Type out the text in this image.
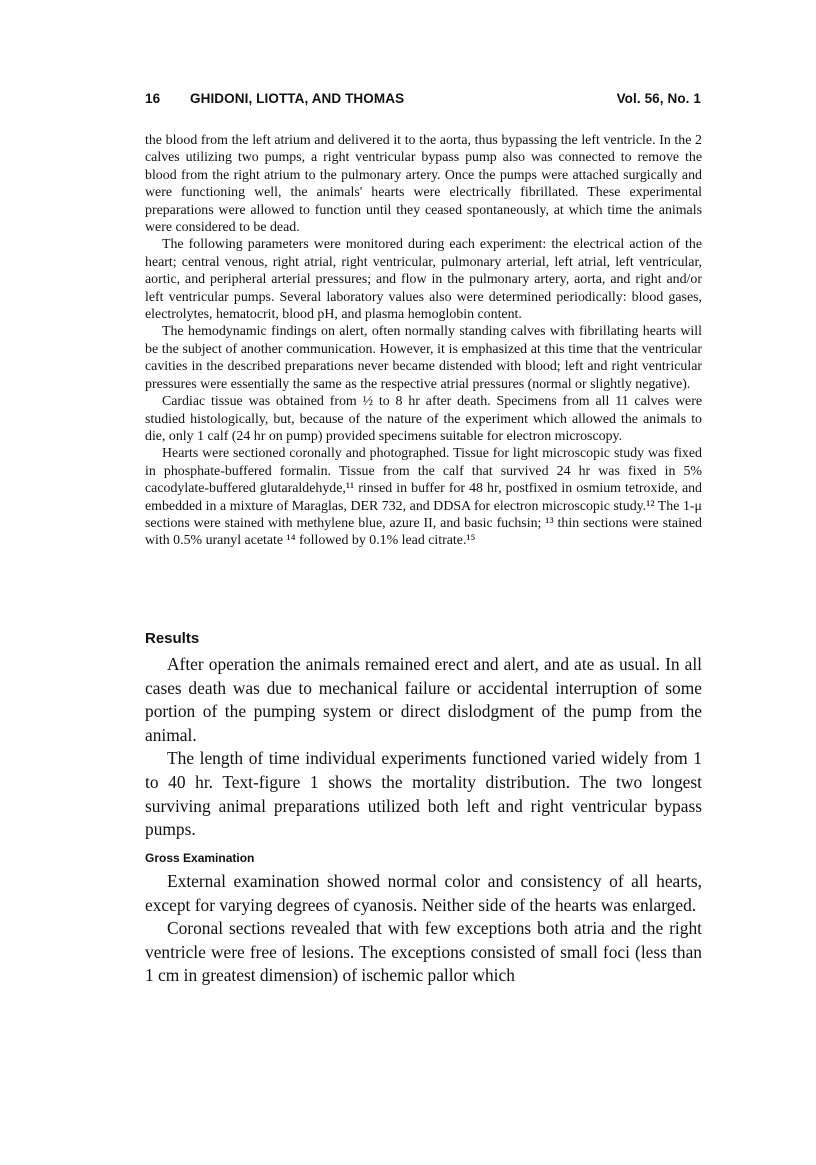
16 GHIDONI, LIOTTA, AND THOMAS	Vol. 56, No. 1

the blood from the left atrium and delivered it to the aorta, thus bypassing the left ventricle. In the 2 calves utilizing two pumps, a right ventricular bypass pump also was connected to remove the blood from the right atrium to the pulmonary artery. Once the pumps were attached surgically and were functioning well, the animals' hearts were electrically fibrillated. These experimental preparations were allowed to function until they ceased spontaneously, at which time the animals were considered to be dead.

The following parameters were monitored during each experiment: the electrical action of the heart; central venous, right atrial, right ventricular, pulmonary arterial, left atrial, left ventricular, aortic, and peripheral arterial pressures; and flow in the pulmonary artery, aorta, and right and/or left ventricular pumps. Several laboratory values also were determined periodically: blood gases, electrolytes, hematocrit, blood pH, and plasma hemoglobin content.

The hemodynamic findings on alert, often normally standing calves with fibrillating hearts will be the subject of another communication. However, it is emphasized at this time that the ventricular cavities in the described preparations never became distended with blood; left and right ventricular pressures were essentially the same as the respective atrial pressures (normal or slightly negative).

Cardiac tissue was obtained from ½ to 8 hr after death. Specimens from all 11 calves were studied histologically, but, because of the nature of the experiment which allowed the animals to die, only 1 calf (24 hr on pump) provided specimens suitable for electron microscopy.

Hearts were sectioned coronally and photographed. Tissue for light microscopic study was fixed in phosphate-buffered formalin. Tissue from the calf that survived 24 hr was fixed in 5% cacodylate-buffered glutaraldehyde,¹¹ rinsed in buffer for 48 hr, postfixed in osmium tetroxide, and embedded in a mixture of Maraglas, DER 732, and DDSA for electron microscopic study.¹² The 1-μ sections were stained with methylene blue, azure II, and basic fuchsin; ¹³ thin sections were stained with 0.5% uranyl acetate ¹⁴ followed by 0.1% lead citrate.¹⁵

Results

After operation the animals remained erect and alert, and ate as usual. In all cases death was due to mechanical failure or accidental interruption of some portion of the pumping system or direct dislodgment of the pump from the animal.

The length of time individual experiments functioned varied widely from 1 to 40 hr. Text-figure 1 shows the mortality distribution. The two longest surviving animal preparations utilized both left and right ventricular bypass pumps.

Gross Examination

External examination showed normal color and consistency of all hearts, except for varying degrees of cyanosis. Neither side of the hearts was enlarged.

Coronal sections revealed that with few exceptions both atria and the right ventricle were free of lesions. The exceptions consisted of small foci (less than 1 cm in greatest dimension) of ischemic pallor which
